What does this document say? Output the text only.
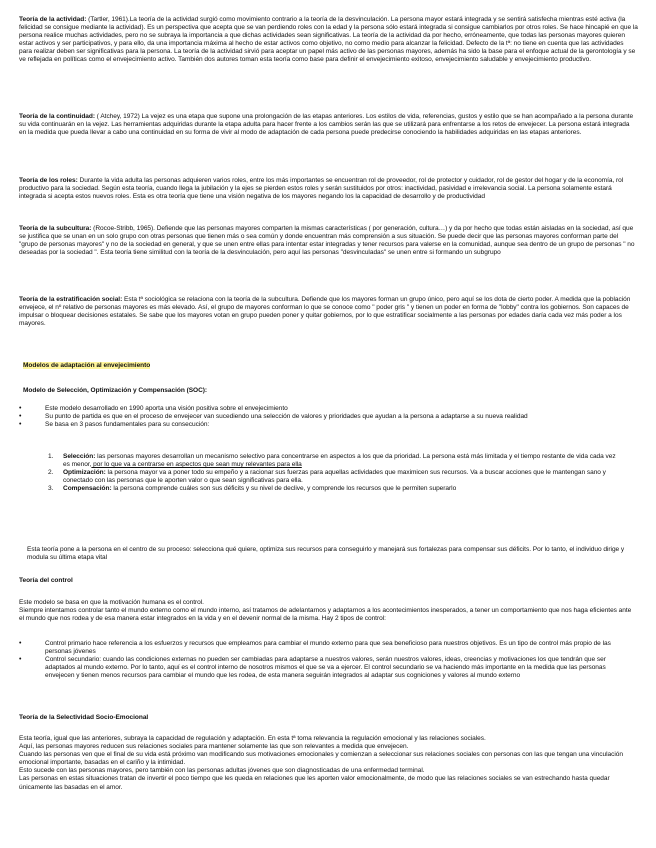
Teoría de la actividad: (Tartler, 1961).La teoría de la actividad surgió como movimiento contrario a la teoría de la desvinculación. La persona mayor estará integrada y se sentirá satisfecha mientras esté activa (la felicidad se consigue mediante la actividad). Es un perspectiva que acepta que se van perdiendo roles con la edad y la persona sólo estará integrada si consigue cambiarlos por otros roles. Se hace hincapié en que la persona realice muchas actividades, pero no se subraya la importancia a que dichas actividades sean significativas. La teoría de la actividad da por hecho, erróneamente, que todas las personas mayores quieren estar activos y ser participativos, y para ello, da una importancia máxima al hecho de estar activos como objetivo, no como medio para alcanzar la felicidad. Defecto de la tª: no tiene en cuenta que las actividades para realizar deben ser significativas para la persona. La teoría de la actividad sirvió para aceptar un papel más activo de las personas mayores, además ha sido la base para el enfoque actual de la gerontología y se ve reflejada en políticas como el envejecimiento activo. También dos autores toman esta teoría como base para definir el envejecimiento exitoso, envejecimiento saludable y envejecimiento productivo.

Teoría de la continuidad: ( Atchey, 1972) La vejez es una etapa que supone una prolongación de las etapas anteriores. Los estilos de vida, referencias, gustos y estilo que se han acompañado a la persona durante su vida continuarán en la vejez. Las herramientas adquiridas durante la etapa adulta para hacer frente a los cambios serán las que se utilizará para enfrentarse a los retos de envejecer. La persona estará integrada en la medida que pueda llevar a cabo una continuidad en su forma de vivir al modo de adaptación de cada persona puede predecirse conociendo la habilidades adquiridas en las etapas anteriores.

Teoría de los roles: Durante la vida adulta las personas adquieren varios roles, entre los más importantes se encuentran rol de proveedor, rol de protector y cuidador, rol de gestor del hogar y de la economía, rol productivo para la sociedad. Según esta teoría, cuando llega la jubilación y la ejes se pierden estos roles y serán sustituidos por otros: inactividad, pasividad e irrelevancia social. La persona solamente estará integrada si acepta estos nuevos roles. Esta es otra teoría que tiene una visión negativa de los mayores negando los la capacidad de desarrollo y de productividad

Teoría de la subcultura: (Rocoe-Stribb, 1965). Defiende que las personas mayores comparten la mismas características ( por generación, cultura…) y da por hecho que todas están aisladas en la sociedad, así que se justifica que se unan en un solo grupo con otras personas que tienen más o sea común y donde encuentran más comprensión a sus situación. Se puede decir que las personas mayores conforman parte del "grupo de personas mayores" y no de la sociedad en general, y que se unen entre ellas para intentar estar integradas y tener recursos para valerse en la comunidad, aunque sea dentro de un grupo de personas " no deseadas por la sociedad ". Esta teoría tiene similitud con la teoría de la desvinculación, pero aquí las personas "desvinculadas" se unen entre si formando un subgrupo

Teoría de la estratificación social: Esta tª sociológica se relaciona con la teoría de la subcultura. Defiende que los mayores forman un grupo único, pero aquí se los dota de cierto poder. A medida que la población envejece, el nº relativo de personas mayores es más elevado. Así, el grupo de mayores conforman lo que se conoce como " poder gris " y tienen un poder en forma de "lobby" contra los gobiernos. Son capaces de impulsar o bloquear decisiones estatales. Se sabe que los mayores votan en grupo pueden poner y quitar gobiernos, por lo que estratificar socialmente a las personas por edades daría cada vez más poder a los mayores.

Modelos de adaptación al envejecimiento

Modelo de Selección, Optimización y Compensación (SOC):

• Este modelo desarrollado en 1990 aporta una visión positiva sobre el envejecimiento
• Su punto de partida es que en el proceso de envejecer van sucediendo una selección de valores y prioridades que ayudan a la persona a adaptarse a su nueva realidad
• Se basa en 3 pasos fundamentales para su consecución:
1. Selección: las personas mayores desarrollan un mecanismo selectivo para concentrarse en aspectos a los que da prioridad. La persona está más limitada y el tiempo restante de vida cada vez es menor, por lo que va a centrarse en aspectos que sean muy relevantes para ella
2. Optimización: la persona mayor va a poner todo su empeño y a racionar sus fuerzas para aquellas actividades que maximicen sus recursos. Va a buscar acciones que le mantengan sano y conectado con las personas que le aporten valor o que sean significativas para ella.
3. Compensación: la persona comprende cuáles son sus déficits y su nivel de declive, y comprende los recursos que le permiten superarlo

Esta teoría pone a la persona en el centro de su proceso: selecciona qué quiere, optimiza sus recursos para conseguirlo y manejará sus fortalezas para compensar sus déficits. Por lo tanto, el individuo dirige y modula su última etapa vital

Teoría del control

Este modelo se basa en que la motivación humana es el control.

Siempre intentamos controlar tanto el mundo externo como el mundo interno, así tratamos de adelantarnos y adaptarnos a los acontecimientos inesperados, a tener un comportamiento que nos haga eficientes ante el mundo que nos rodea y de esa manera estar integrados en la vida y en el devenir normal de la misma. Hay 2 tipos de control:

• Control primario hace referencia a los esfuerzos y recursos que empleamos para cambiar el mundo externo para que sea beneficioso para nuestros objetivos. Es un tipo de control más propio de las personas jóvenes
• Control secundario: cuando las condiciones externas no pueden ser cambiadas para adaptarse a nuestros valores, serán nuestros valores, ideas, creencias y motivaciones los que tendrán que ser adaptados al mundo externo. Por lo tanto, aquí es el control interno de nosotros mismos el que se va a ejercer. El control secundario se va haciendo más importante en la medida que las personas envejecen y tienen menos recursos para cambiar el mundo que les rodea, de esta manera seguirán integrados al adaptar sus cogniciones y valores al mundo externo

Teoría de la Selectividad Socio-Emocional

Esta teoría, igual que las anteriores, subraya la capacidad de regulación y adaptación. En esta tª toma relevancia la regulación emocional y las relaciones sociales.

Aquí, las personas mayores reducen sus relaciones sociales para mantener solamente las que son relevantes a medida que envejecen.

Cuando las personas ven que el final de su vida está próximo van modificando sus motivaciones emocionales y comienzan a seleccionar sus relaciones sociales con personas con las que tengan una vinculación emocional importante, basadas en el cariño y la intimidad.

Esto sucede con las personas mayores, pero también con las personas adultas jóvenes que son diagnosticadas de una enfermedad terminal.

Las personas en estas situaciones tratan de invertir el poco tiempo que les queda en relaciones que les aporten valor emocionalmente, de modo que las relaciones sociales se van estrechando hasta quedar únicamente las basadas en el amor.
